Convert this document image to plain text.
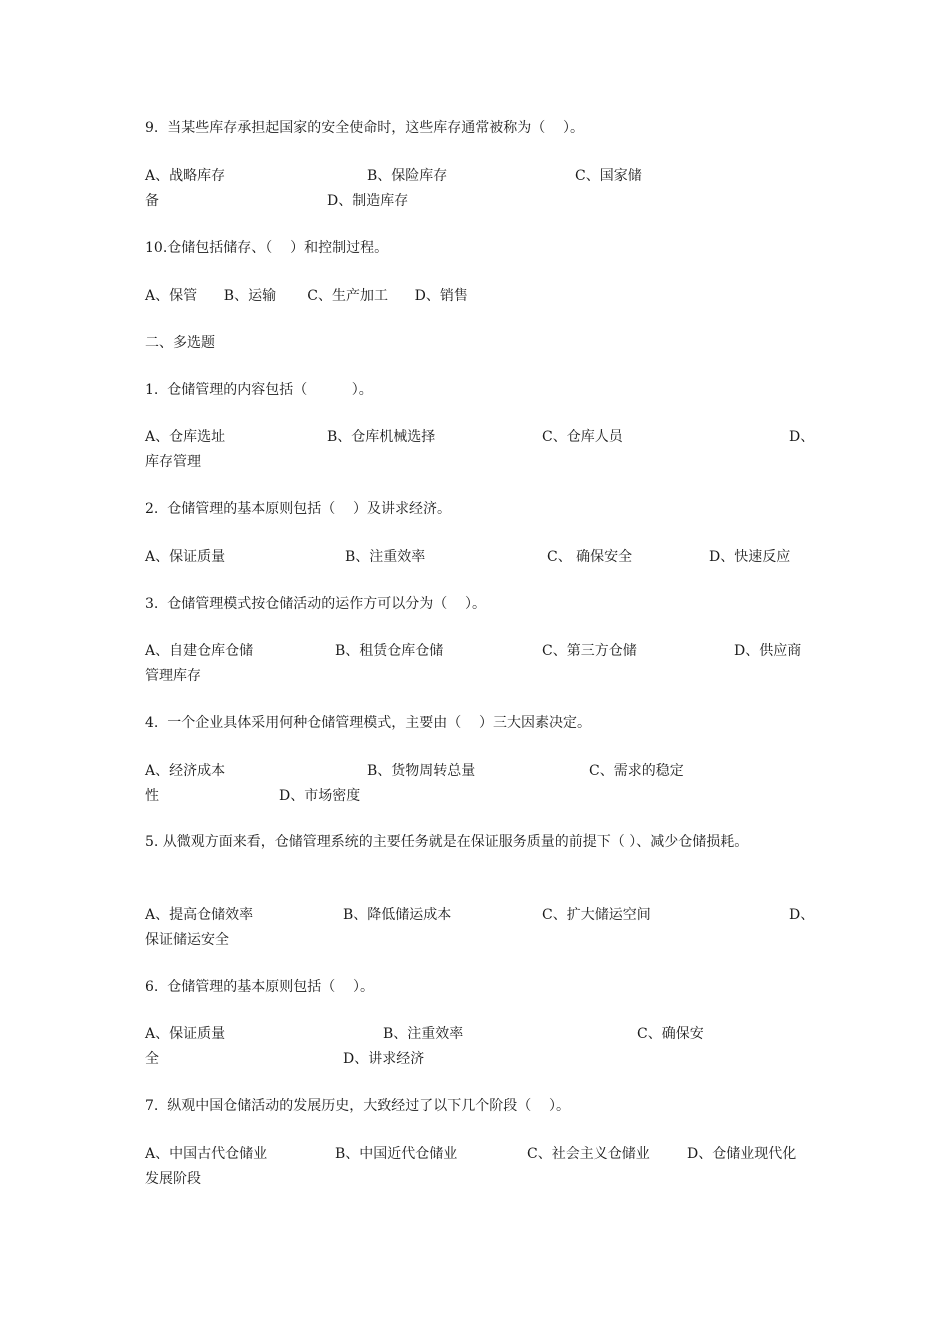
9.  当某些库存承担起国家的安全使命时，这些库存通常被称为（    ）。
A、战略库存	B、保险库存	C、国家储
备	D、制造库存
10.仓储包括储存、（    ）和控制过程。
A、保管      B、运输       C、生产加工      D、销售
二、多选题
1.  仓储管理的内容包括（          ）。
A、仓库选址	B、仓库机械选择	C、仓库人员	D、
库存管理
2.  仓储管理的基本原则包括（    ）及讲求经济。
A、保证质量	B、注重效率	C、 确保安全	D、快速反应
3.  仓储管理模式按仓储活动的运作方可以分为（    ）。
A、自建仓库仓储	B、租赁仓库仓储	C、第三方仓储	D、供应商
管理库存
4.  一个企业具体采用何种仓储管理模式，主要由（    ）三大因素决定。
A、经济成本	B、货物周转总量	C、需求的稳定
性	D、市场密度
5. 从微观方面来看，仓储管理系统的主要任务就是在保证服务质量的前提下（ ）、减少仓储损耗。
A、提高仓储效率	B、降低储运成本	C、扩大储运空间	D、
保证储运安全
6.  仓储管理的基本原则包括（    ）。
A、保证质量	B、注重效率	C、确保安
全	D、讲求经济
7.  纵观中国仓储活动的发展历史，大致经过了以下几个阶段（    ）。
A、中国古代仓储业	B、中国近代仓储业	C、社会主义仓储业	D、仓储业现代化
发展阶段
